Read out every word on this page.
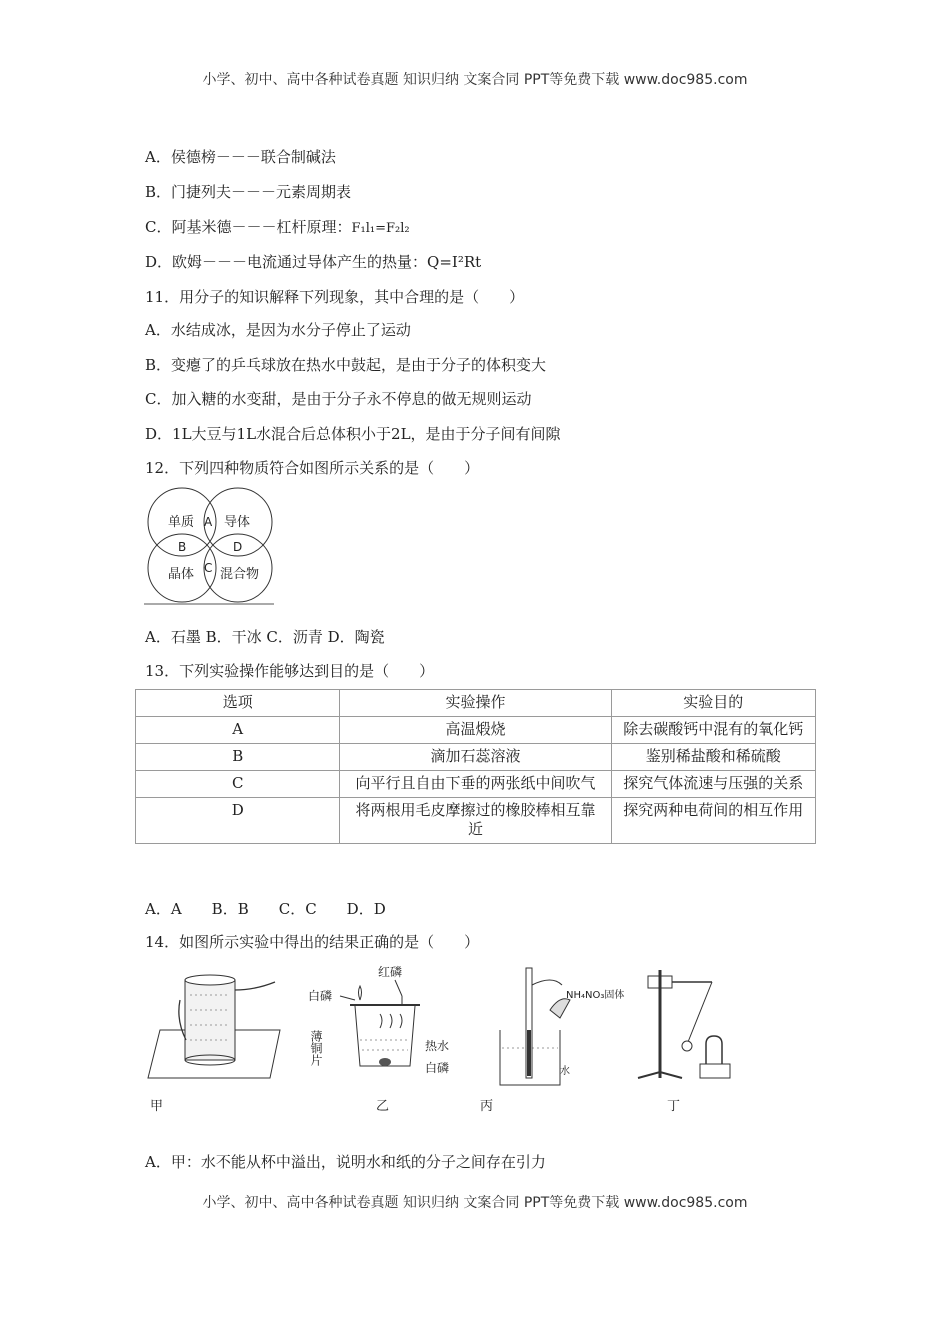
小学、初中、高中各种试卷真题 知识归纳 文案合同 PPT等免费下载 www.doc985.com
A．侯德榜－－－联合制碱法
B．门捷列夫－－－元素周期表
C．阿基米德－－－杠杆原理：F₁l₁=F₂l₂
D．欧姆－－－电流通过导体产生的热量：Q=I²Rt
11．用分子的知识解释下列现象，其中合理的是（　　）
A．水结成冰，是因为水分子停止了运动
B．变瘪了的乒乓球放在热水中鼓起，是由于分子的体积变大
C．加入糖的水变甜，是由于分子永不停息的做无规则运动
D．1L大豆与1L水混合后总体积小于2L，是由于分子间有间隙
12．下列四种物质符合如图所示关系的是（　　）
单质 导体
晶体 混合物
A
B
C
D
A．石墨 B．干冰 C．沥青 D．陶瓷
13．下列实验操作能够达到目的是（　　）
选项	实验操作	实验目的
A	高温煅烧	除去碳酸钙中混有的氧化钙
B	滴加石蕊溶液	鉴别稀盐酸和稀硫酸
C	向平行且自由下垂的两张纸中间吹气	探究气体流速与压强的关系
D	将两根用毛皮摩擦过的橡胶棒相互靠近	探究两种电荷间的相互作用
A．A　　B．B　　C．C　　D．D
14．如图所示实验中得出的结果正确的是（　　）
甲
白磷
红磷
热水
白磷
薄铜片
乙
NH₄NO₃固体
水
丙	丁
A．甲：水不能从杯中溢出，说明水和纸的分子之间存在引力
小学、初中、高中各种试卷真题 知识归纳 文案合同 PPT等免费下载 www.doc985.com
